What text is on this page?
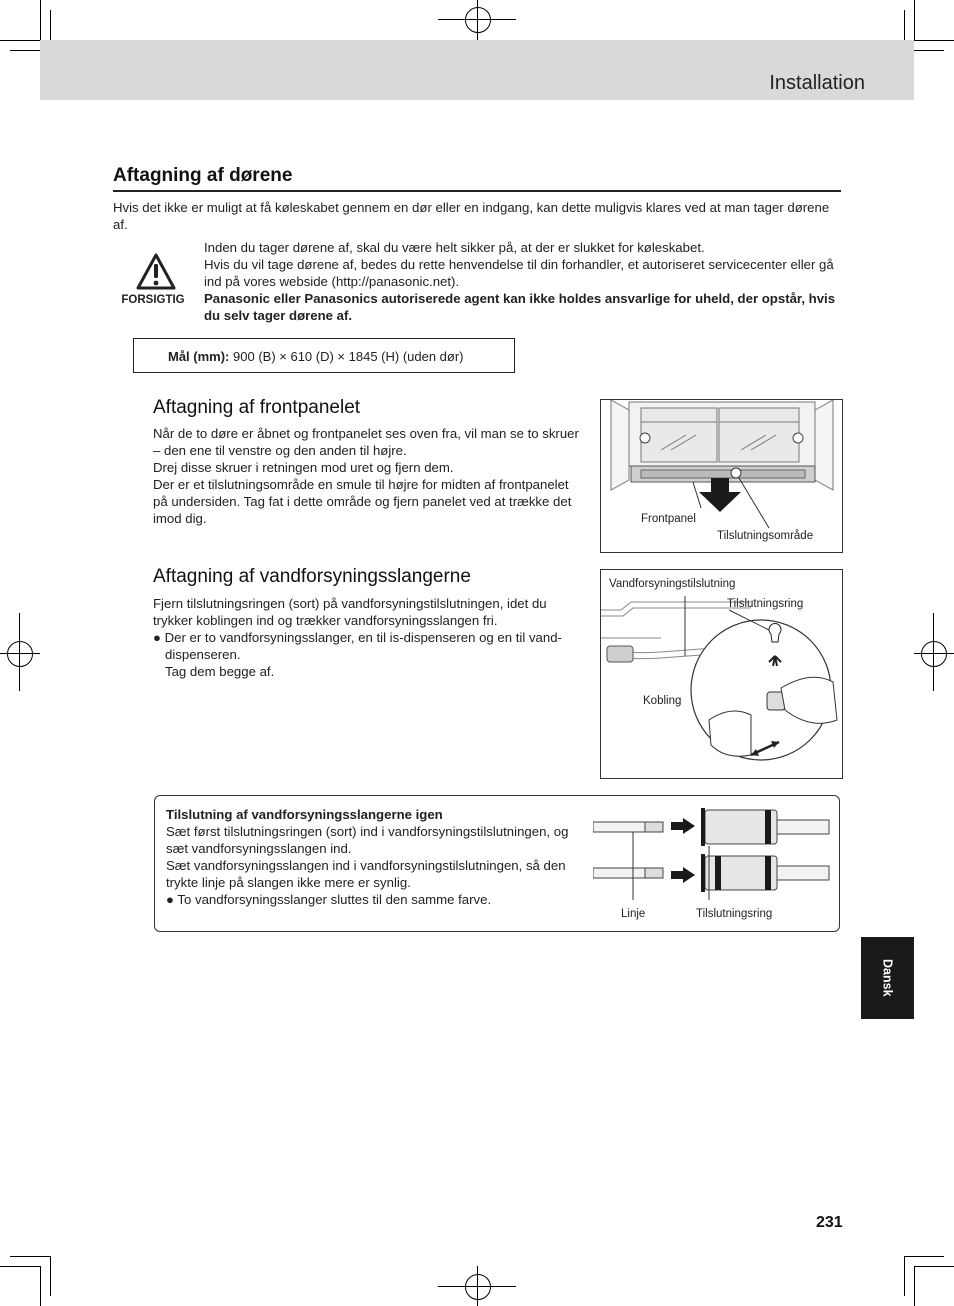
Installation
Aftagning af dørene
Hvis det ikke er muligt at få køleskabet gennem en dør eller en indgang, kan dette muligvis klares ved at man tager dørene af.
FORSIGTIG
Inden du tager dørene af, skal du være helt sikker på, at der er slukket for køleskabet.
Hvis du vil tage dørene af, bedes du rette henvendelse til din forhandler, et autoriseret servicecenter eller gå ind på vores webside (http://panasonic.net).
Panasonic eller Panasonics autoriserede agent kan ikke holdes ansvarlige for uheld, der opstår, hvis du selv tager dørene af.
Mål (mm): 900 (B) × 610 (D) × 1845 (H) (uden dør)
Aftagning af frontpanelet
Når de to døre er åbnet og frontpanelet ses oven fra, vil man se to skruer – den ene til venstre og den anden til højre.
Drej disse skruer i retningen mod uret og fjern dem.
Der er et tilslutningsområde en smule til højre for midten af frontpanelet på undersiden. Tag fat i dette område og fjern panelet ved at trække det imod dig.	Frontpanel
Tilslutningsområde
Aftagning af vandforsyningsslangerne
Fjern tilslutningsringen (sort) på vandforsyningstilslutningen, idet du trykker koblingen ind og trækker vandforsyningsslangen fri.
● Der er to vandforsyningsslanger, en til is-dispenseren og en til vand-dispenseren.
Tag dem begge af.
Vandforsyningstilslutning
Tilslutningsring
Kobling
Tilslutning af vandforsyningsslangerne igen
Sæt først tilslutningsringen (sort) ind i vandforsyningstilslutningen, og sæt vandforsyningsslangen ind.
Sæt vandforsyningsslangen ind i vandforsyningstilslutningen, så den trykte linje på slangen ikke mere er synlig.
● To vandforsyningsslanger sluttes til den samme farve.
Linje	Tilslutningsring
Dansk
231
